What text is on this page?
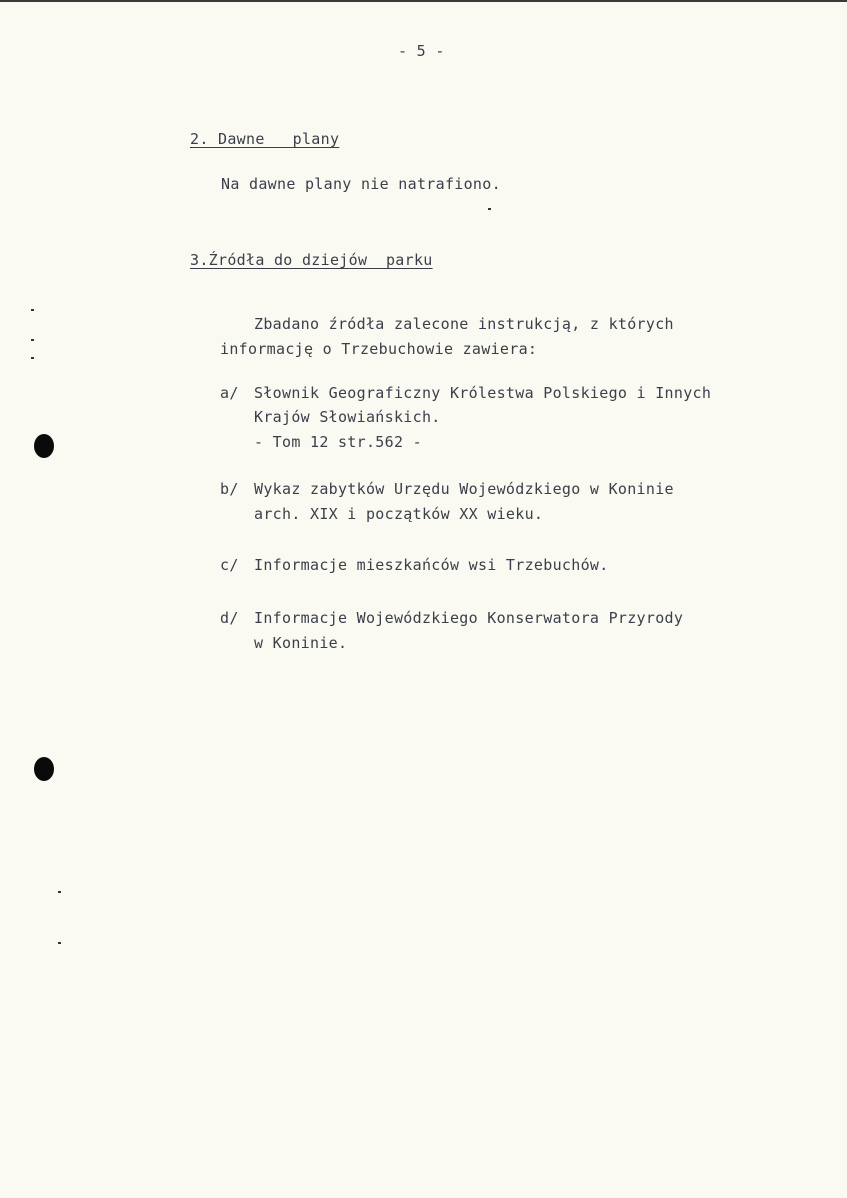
- 5 -
2. Dawne   plany
Na dawne plany nie natrafiono.
3.Źródła do dziejów  parku
Zbadano źródła zalecone instrukcją, z których
informację o Trzebuchowie zawiera:
a/ Słownik Geograficzny Królestwa Polskiego i Innych
Krajów Słowiańskich.
- Tom 12 str.562 -
b/ Wykaz zabytków Urzędu Wojewódzkiego w Koninie
arch. XIX i początków XX wieku.
c/ Informacje mieszkańców wsi Trzebuchów.
d/ Informacje Wojewódzkiego Konserwatora Przyrody
w Koninie.
